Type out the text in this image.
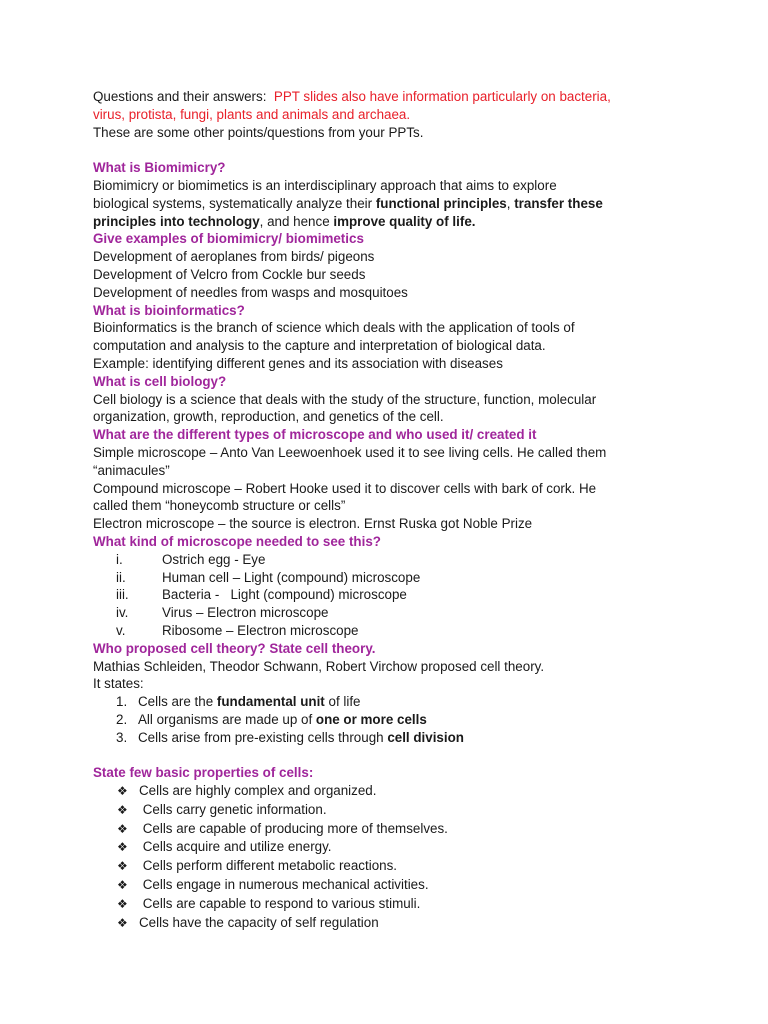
Questions and their answers: PPT slides also have information particularly on bacteria,
virus, protista, fungi, plants and animals and archaea.
These are some other points/questions from your PPTs.
What is Biomimicry?
Biomimicry or biomimetics is an interdisciplinary approach that aims to explore
biological systems, systematically analyze their functional principles, transfer these
principles into technology, and hence improve quality of life.
Give examples of biomimicry/ biomimetics
Development of aeroplanes from birds/ pigeons
Development of Velcro from Cockle bur seeds
Development of needles from wasps and mosquitoes
What is bioinformatics?
Bioinformatics is the branch of science which deals with the application of tools of
computation and analysis to the capture and interpretation of biological data.
Example: identifying different genes and its association with diseases
What is cell biology?
Cell biology is a science that deals with the study of the structure, function, molecular
organization, growth, reproduction, and genetics of the cell.
What are the different types of microscope and who used it/ created it
Simple microscope – Anto Van Leewoenhoek used it to see living cells. He called them
“animacules”
Compound microscope – Robert Hooke used it to discover cells with bark of cork. He
called them “honeycomb structure or cells”
Electron microscope – the source is electron. Ernst Ruska got Noble Prize
What kind of microscope needed to see this?
i.	Ostrich egg - Eye
ii.	Human cell – Light (compound) microscope
iii. Bacteria -   Light (compound) microscope
iv.	Virus – Electron microscope
v.	Ribosome – Electron microscope
Who proposed cell theory? State cell theory.
Mathias Schleiden, Theodor Schwann, Robert Virchow proposed cell theory.
It states:
1. Cells are the fundamental unit of life
2. All organisms are made up of one or more cells
3. Cells arise from pre-existing cells through cell division
State few basic properties of cells:
❖ Cells are highly complex and organized.
❖ Cells carry genetic information.
❖ Cells are capable of producing more of themselves.
❖ Cells acquire and utilize energy.
❖ Cells perform different metabolic reactions.
❖ Cells engage in numerous mechanical activities.
❖ Cells are capable to respond to various stimuli.
❖ Cells have the capacity of self regulation
